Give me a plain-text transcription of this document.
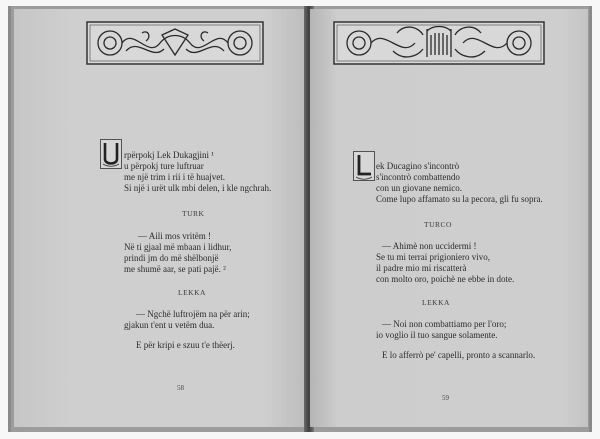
rpërpokj Lek Dukagjini ¹
u përpokj ture luftruar
me një trim i rii i të huajvet.
Si një i urët ulk mbi delen, i kle ngchrah.
TURK
— Aili mos vritëm !
Në ti gjaal më mbaan i lidhur,
prindi jm do më shëlbonjë
me shumë aar, se pati pajë. ²
LEKKA
— Ngchë luftrojëm na për arin;
gjakun t'ent u vetëm dua.
E për kripi e szuu t'e thëerj.
58
ek Ducagino s'incontrò
s'incontrò combattendo
con un giovane nemico.
Come lupo affamato su la pecora, gli fu sopra.
TURCO
— Ahimè non uccidermi !
Se tu mi terrai prigioniero vivo,
il padre mio mi riscatterà
con molto oro, poichè ne ebbe in dote.
LEKKA
— Noi non combattiamo per l'oro;
io voglio il tuo sangue solamente.
E lo afferrò pe' capelli, pronto a scannarlo.
59
